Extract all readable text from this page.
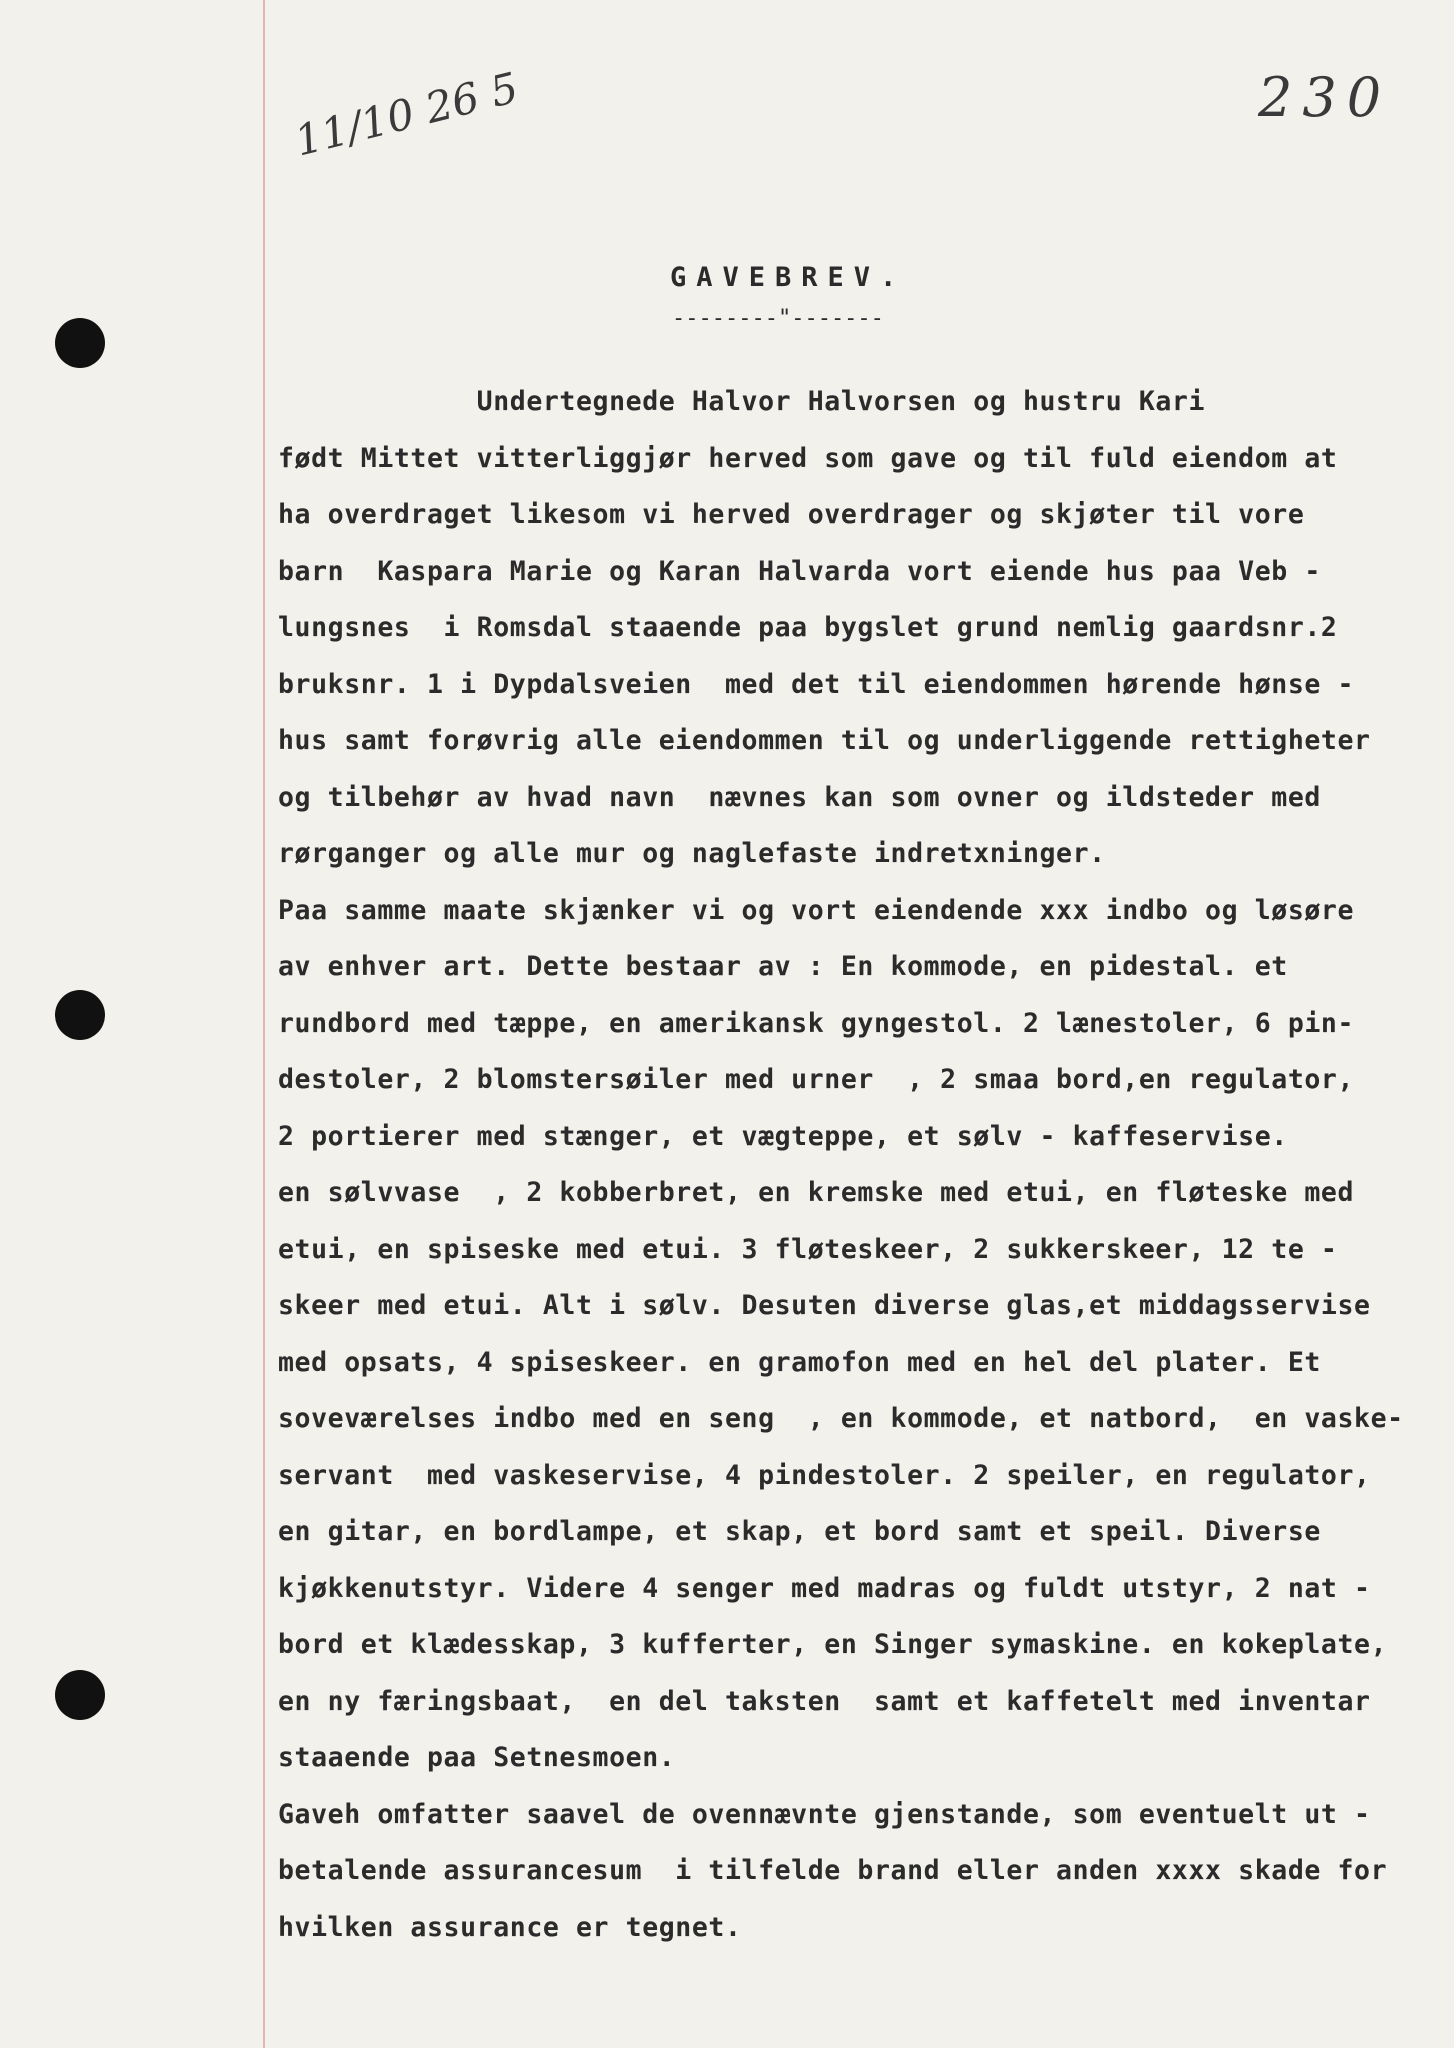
230
11/10 26 5
GAVEBREV.
--------"-------
Undertegnede Halvor Halvorsen og hustru Kari
født Mittet vitterliggjør herved som gave og til fuld eiendom at
ha overdraget likesom vi herved overdrager og skjøter til vore
barn  Kaspara Marie og Karan Halvarda vort eiende hus paa Veb -
lungsnes  i Romsdal staaende paa bygslet grund nemlig gaardsnr.2
bruksnr. 1 i Dypdalsveien  med det til eiendommen hørende hønse -
hus samt forøvrig alle eiendommen til og underliggende rettigheter
og tilbehør av hvad navn  nævnes kan som ovner og ildsteder med
rørganger og alle mur og naglefaste indretxninger.
Paa samme maate skjænker vi og vort eiendende xxx indbo og løsøre
av enhver art. Dette bestaar av : En kommode, en pidestal. et
rundbord med tæppe, en amerikansk gyngestol. 2 lænestoler, 6 pin-
destoler, 2 blomstersøiler med urner  , 2 smaa bord,en regulator,
2 portierer med stænger, et vægteppe, et sølv - kaffeservise.
en sølvvase  , 2 kobberbret, en kremske med etui, en fløteske med
etui, en spiseske med etui. 3 fløteskeer, 2 sukkerskeer, 12 te -
skeer med etui. Alt i sølv. Desuten diverse glas,et middagsservise
med opsats, 4 spiseskeer. en gramofon med en hel del plater. Et
soveværelses indbo med en seng  , en kommode, et natbord,  en vaske-
servant  med vaskeservise, 4 pindestoler. 2 speiler, en regulator,
en gitar, en bordlampe, et skap, et bord samt et speil. Diverse
kjøkkenutstyr. Videre 4 senger med madras og fuldt utstyr, 2 nat -
bord et klædesskap, 3 kufferter, en Singer symaskine. en kokeplate,
en ny færingsbaat,  en del taksten  samt et kaffetelt med inventar
staaende paa Setnesmoen.
Gaveh omfatter saavel de ovennævnte gjenstande, som eventuelt ut -
betalende assurancesum  i tilfelde brand eller anden xxxx skade for
hvilken assurance er tegnet.
